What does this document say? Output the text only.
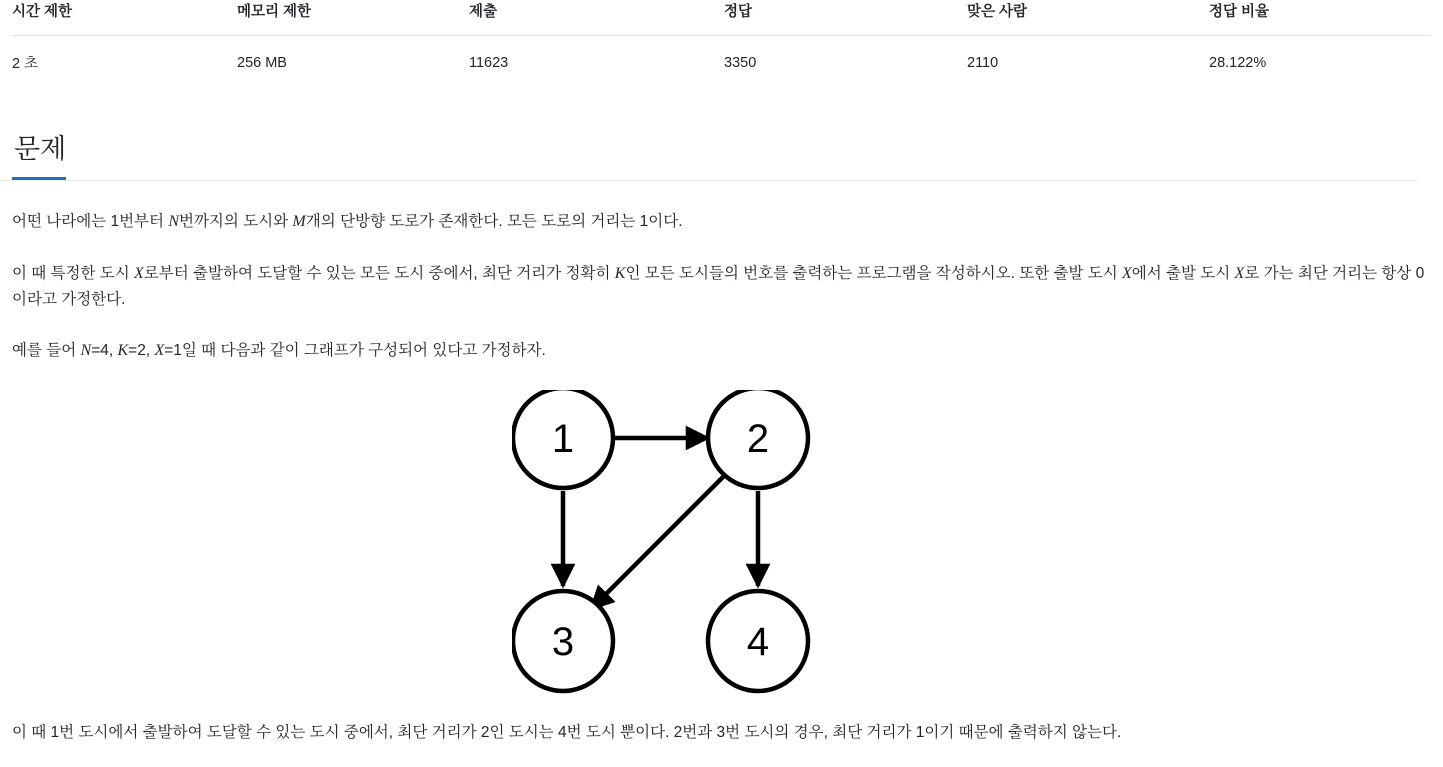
시간 제한	메모리 제한	제출	정답	맞은 사람	정답 비율
2 초	256 MB	11623	3350	2110	28.122%
문제

어떤 나라에는 1번부터 N번까지의 도시와 M개의 단방향 도로가 존재한다. 모든 도로의 거리는 1이다.

이 때 특정한 도시 X로부터 출발하여 도달할 수 있는 모든 도시 중에서, 최단 거리가 정확히 K인 모든 도시들의 번호를 출력하는 프로그램을 작성하시오. 또한 출발 도시 X에서 출발 도시 X로 가는 최단 거리는 항상 0이라고 가정한다.

예를 들어 N=4, K=2, X=1일 때 다음과 같이 그래프가 구성되어 있다고 가정하자.

1	2
3	4
이 때 1번 도시에서 출발하여 도달할 수 있는 도시 중에서, 최단 거리가 2인 도시는 4번 도시 뿐이다. 2번과 3번 도시의 경우, 최단 거리가 1이기 때문에 출력하지 않는다.
